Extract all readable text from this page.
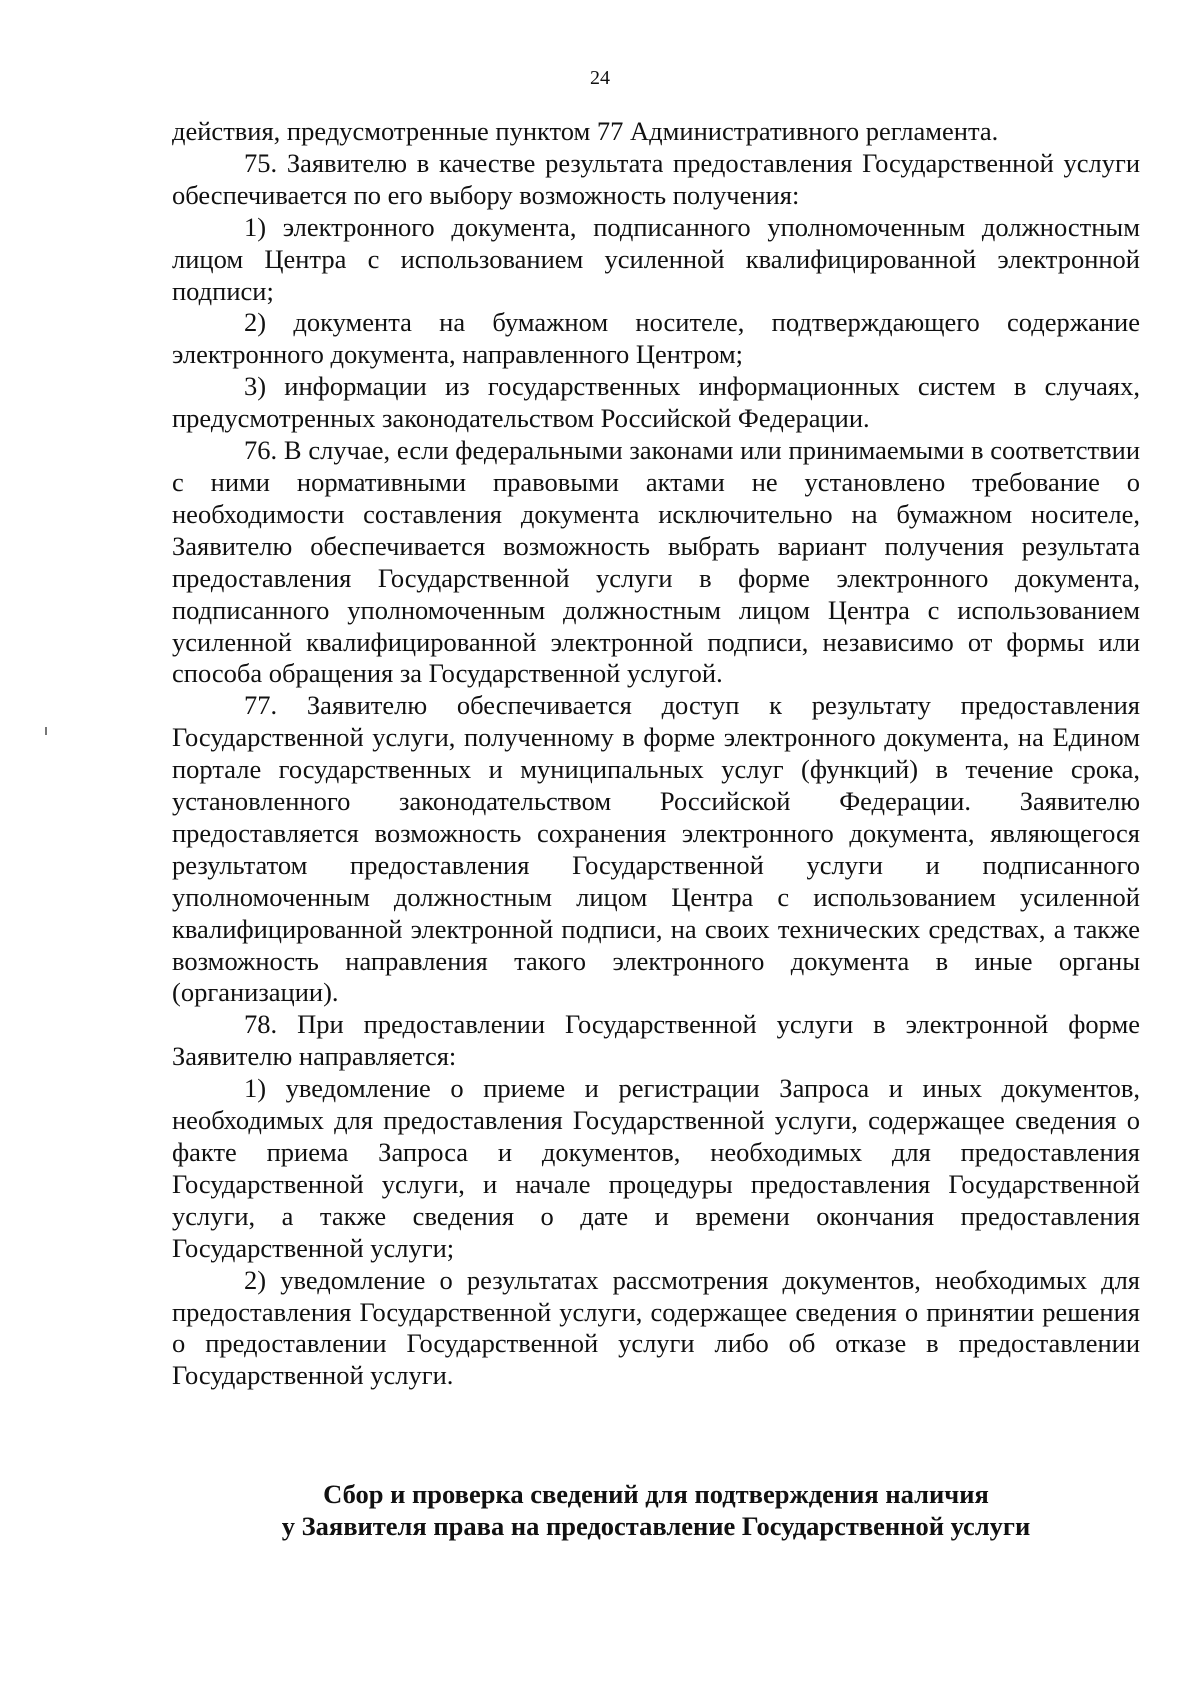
24

действия, предусмотренные пунктом 77 Административного регламента.

75. Заявителю в качестве результата предоставления Государственной услуги обеспечивается по его выбору возможность получения:

1) электронного документа, подписанного уполномоченным должностным лицом Центра с использованием усиленной квалифицированной электронной подписи;

2) документа на бумажном носителе, подтверждающего содержание электронного документа, направленного Центром;

3) информации из государственных информационных систем в случаях, предусмотренных законодательством Российской Федерации.

76. В случае, если федеральными законами или принимаемыми в соответствии с ними нормативными правовыми актами не установлено требование о необходимости составления документа исключительно на бумажном носителе, Заявителю обеспечивается возможность выбрать вариант получения результата предоставления Государственной услуги в форме электронного документа, подписанного уполномоченным должностным лицом Центра с использованием усиленной квалифицированной электронной подписи, независимо от формы или способа обращения за Государственной услугой.

77. Заявителю обеспечивается доступ к результату предоставления Государственной услуги, полученному в форме электронного документа, на Едином портале государственных и муниципальных услуг (функций) в течение срока, установленного законодательством Российской Федерации. Заявителю предоставляется возможность сохранения электронного документа, являющегося результатом предоставления Государственной услуги и подписанного уполномоченным должностным лицом Центра с использованием усиленной квалифицированной электронной подписи, на своих технических средствах, а также возможность направления такого электронного документа в иные органы (организации).

78. При предоставлении Государственной услуги в электронной форме Заявителю направляется:

1) уведомление о приеме и регистрации Запроса и иных документов, необходимых для предоставления Государственной услуги, содержащее сведения о факте приема Запроса и документов, необходимых для предоставления Государственной услуги, и начале процедуры предоставления Государственной услуги, а также сведения о дате и времени окончания предоставления Государственной услуги;

2) уведомление о результатах рассмотрения документов, необходимых для предоставления Государственной услуги, содержащее сведения о принятии решения о предоставлении Государственной услуги либо об отказе в предоставлении Государственной услуги.

Сбор и проверка сведений для подтверждения наличия
у Заявителя права на предоставление Государственной услуги
